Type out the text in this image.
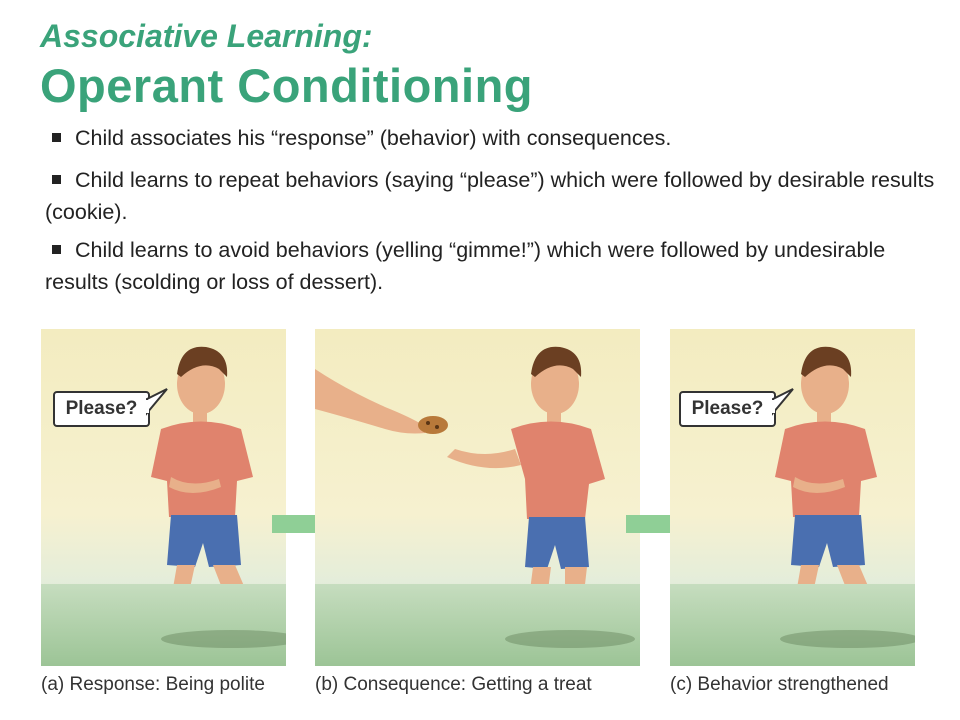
Associative Learning:
Operant Conditioning
Child associates his “response” (behavior) with consequences.
Child learns to repeat behaviors (saying “please”) which were followed by desirable results (cookie).
Child learns to avoid behaviors (yelling “gimme!”) which were followed by undesirable results (scolding or loss of dessert).
Please?	Please?
(a) Response: Being polite	(b) Consequence: Getting a treat	(c) Behavior strengthened
